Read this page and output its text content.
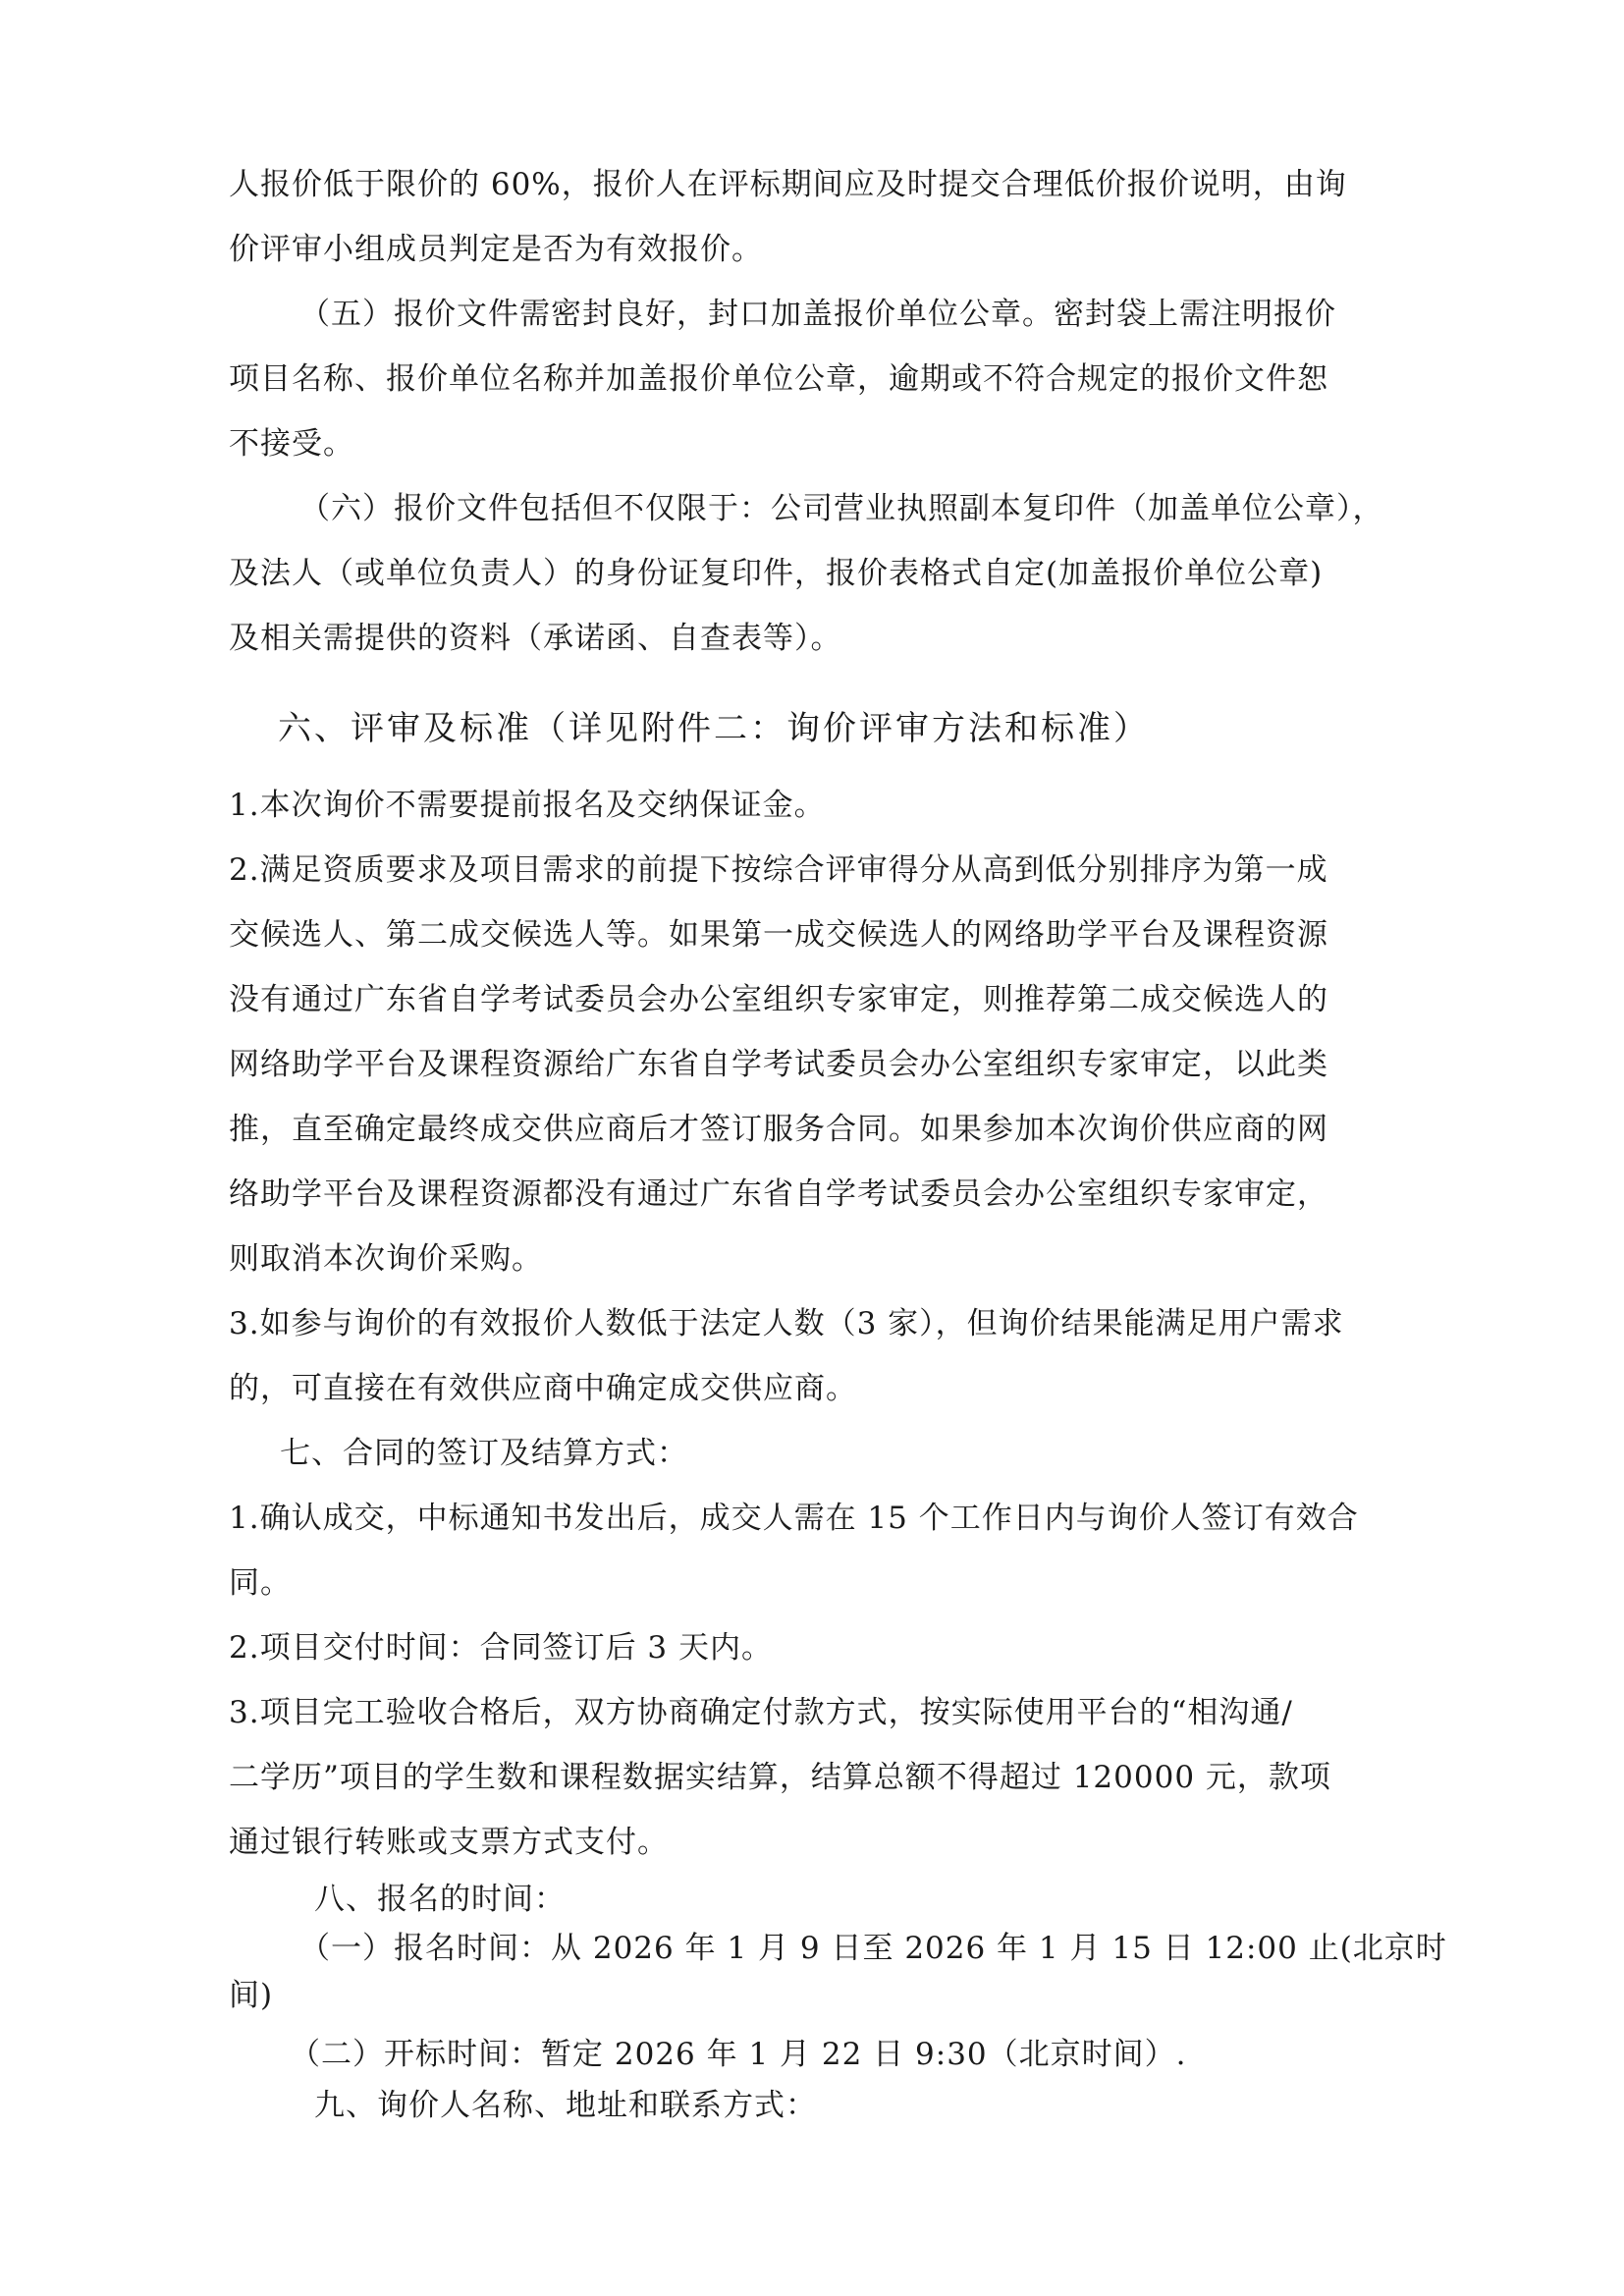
人报价低于限价的 60%，报价人在评标期间应及时提交合理低价报价说明，由询
价评审小组成员判定是否为有效报价。
（五）报价文件需密封良好，封口加盖报价单位公章。密封袋上需注明报价
项目名称、报价单位名称并加盖报价单位公章，逾期或不符合规定的报价文件恕
不接受。
（六）报价文件包括但不仅限于：公司营业执照副本复印件（加盖单位公章），
及法人（或单位负责人）的身份证复印件，报价表格式自定(加盖报价单位公章)
及相关需提供的资料（承诺函、自查表等）。
六、评审及标准（详见附件二：询价评审方法和标准）
1.本次询价不需要提前报名及交纳保证金。
2.满足资质要求及项目需求的前提下按综合评审得分从高到低分别排序为第一成
交候选人、第二成交候选人等。如果第一成交候选人的网络助学平台及课程资源
没有通过广东省自学考试委员会办公室组织专家审定，则推荐第二成交候选人的
网络助学平台及课程资源给广东省自学考试委员会办公室组织专家审定，以此类
推，直至确定最终成交供应商后才签订服务合同。如果参加本次询价供应商的网
络助学平台及课程资源都没有通过广东省自学考试委员会办公室组织专家审定，
则取消本次询价采购。
3.如参与询价的有效报价人数低于法定人数（3 家），但询价结果能满足用户需求
的，可直接在有效供应商中确定成交供应商。
七、合同的签订及结算方式：
1.确认成交，中标通知书发出后，成交人需在 15 个工作日内与询价人签订有效合
同。
2.项目交付时间：合同签订后 3 天内。
3.项目完工验收合格后，双方协商确定付款方式，按实际使用平台的“相沟通/
二学历”项目的学生数和课程数据实结算，结算总额不得超过 120000 元，款项
通过银行转账或支票方式支付。
八、报名的时间：
（一）报名时间：从 2026 年 1 月 9 日至 2026 年 1 月 15 日 12:00 止(北京时
间)
（二）开标时间：暂定 2026 年 1 月 22 日 9:30（北京时间）.
九、询价人名称、地址和联系方式：
